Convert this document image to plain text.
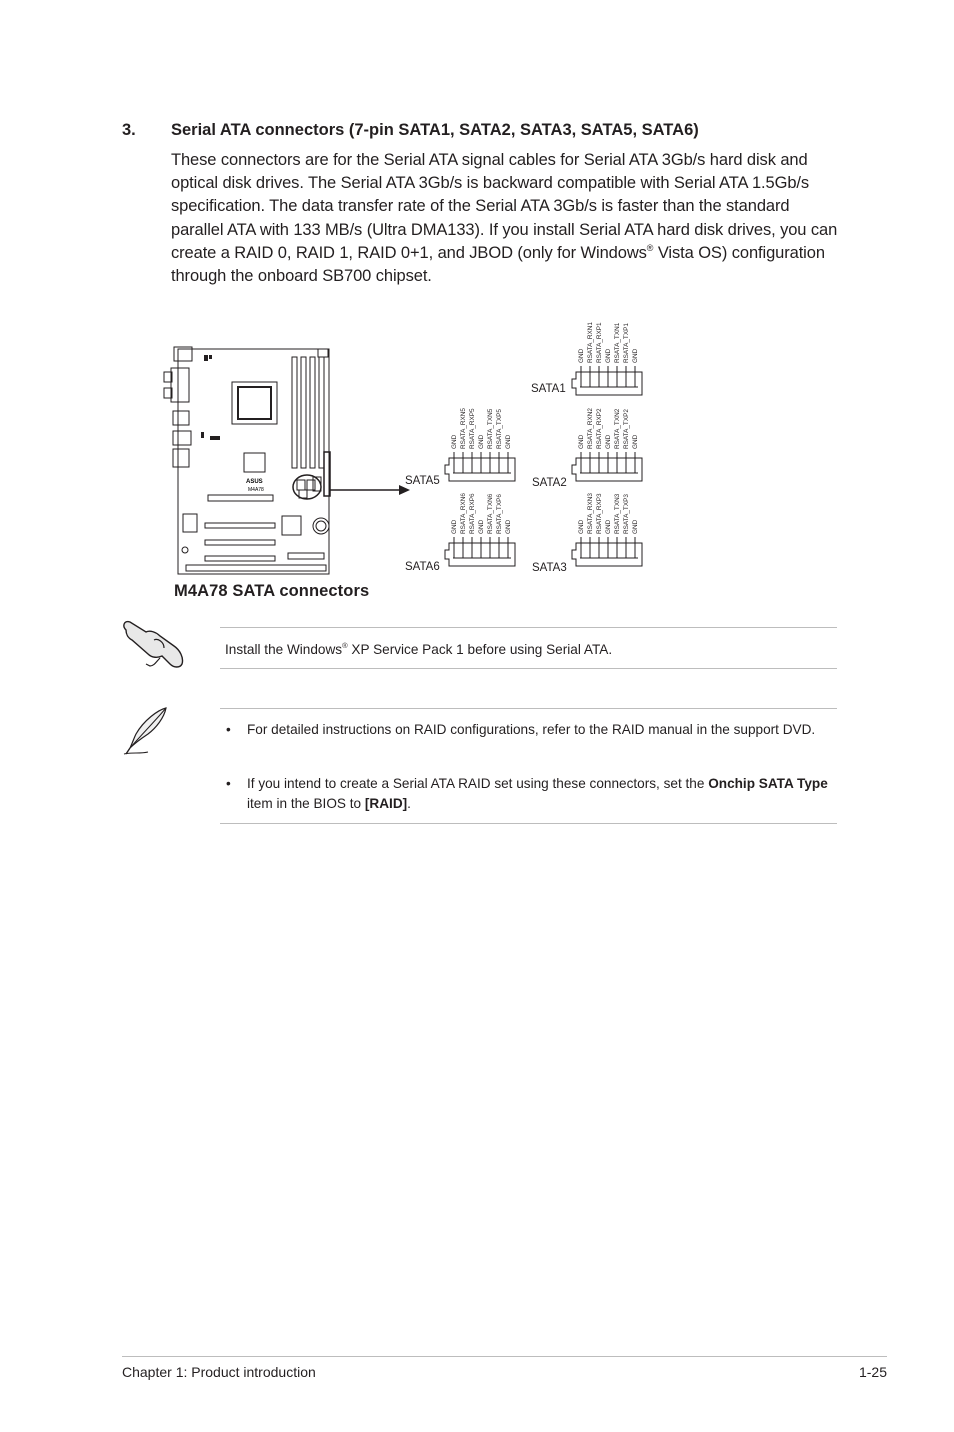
3. Serial ATA connectors (7-pin SATA1, SATA2, SATA3, SATA5, SATA6)
These connectors are for the Serial ATA signal cables for Serial ATA 3Gb/s hard disk and optical disk drives. The Serial ATA 3Gb/s is backward compatible with Serial ATA 1.5Gb/s specification. The data transfer rate of the Serial ATA 3Gb/s is faster than the standard parallel ATA with 133 MB/s (Ultra DMA133). If you install Serial ATA hard disk drives, you can create a RAID 0, RAID 1, RAID 0+1, and JBOD (only for Windows® Vista OS) configuration through the onboard SB700 chipset.
ASUS
M4A78
GND RSATA_RXN1 RSATA_RXP1 GND RSATA_TXN1 RSATA_TXP1 GND
SATA1
GND RSATA_RXN2 RSATA_RXP2 GND RSATA_TXN2 RSATA_TXP2 GND
SATA2
GND RSATA_RXN3 RSATA_RXP3 GND RSATA_TXN3 RSATA_TXP3 GND
SATA3
GND RSATA_RXN5 RSATA_RXP5 GND RSATA_TXN5 RSATA_TXP5 GND
SATA5
GND RSATA_RXN6 RSATA_RXP6 GND RSATA_TXN6 RSATA_TXP6 GND
SATA6
M4A78 SATA connectors
Install the Windows® XP Service Pack 1 before using Serial ATA.
• For detailed instructions on RAID configurations, refer to the RAID manual in the support DVD.
• If you intend to create a Serial ATA RAID set using these connectors, set the Onchip SATA Type item in the BIOS to [RAID].
Chapter 1: Product introduction	1-25
